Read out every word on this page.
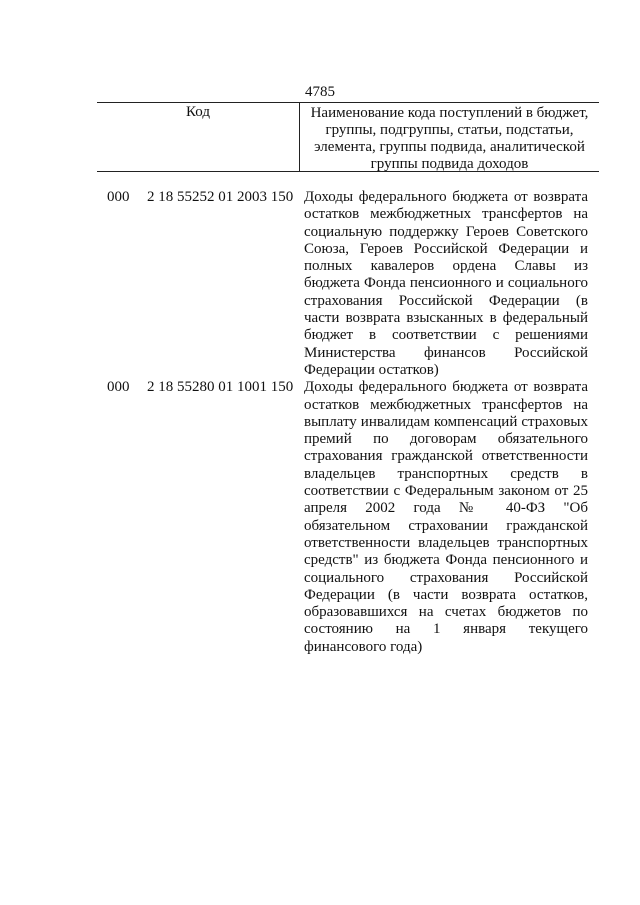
4785
Код	Наименование кода поступлений в бюджет, группы, подгруппы, статьи, подстатьи, элемента, группы подвида, аналитической группы подвида доходов
000 2 18 55252 01 2003 150 Доходы федерального бюджета от возврата остатков межбюджетных трансфертов на социальную поддержку Героев Советского Союза, Героев Российской Федерации и полных кавалеров ордена Славы из бюджета Фонда пенсионного и социального страхования Российской Федерации (в части возврата взысканных в федеральный бюджет в соответствии с решениями Министерства финансов Российской Федерации остатков)
000 2 18 55280 01 1001 150 Доходы федерального бюджета от возврата остатков межбюджетных трансфертов на выплату инвалидам компенсаций страховых премий по договорам обязательного страхования гражданской ответственности владельцев транспортных средств в соответствии с Федеральным законом от 25 апреля 2002 года № 40-ФЗ "Об обязательном страховании гражданской ответственности владельцев транспортных средств" из бюджета Фонда пенсионного и социального страхования Российской Федерации (в части возврата остатков, образовавшихся на счетах бюджетов по состоянию на 1 января текущего финансового года)
